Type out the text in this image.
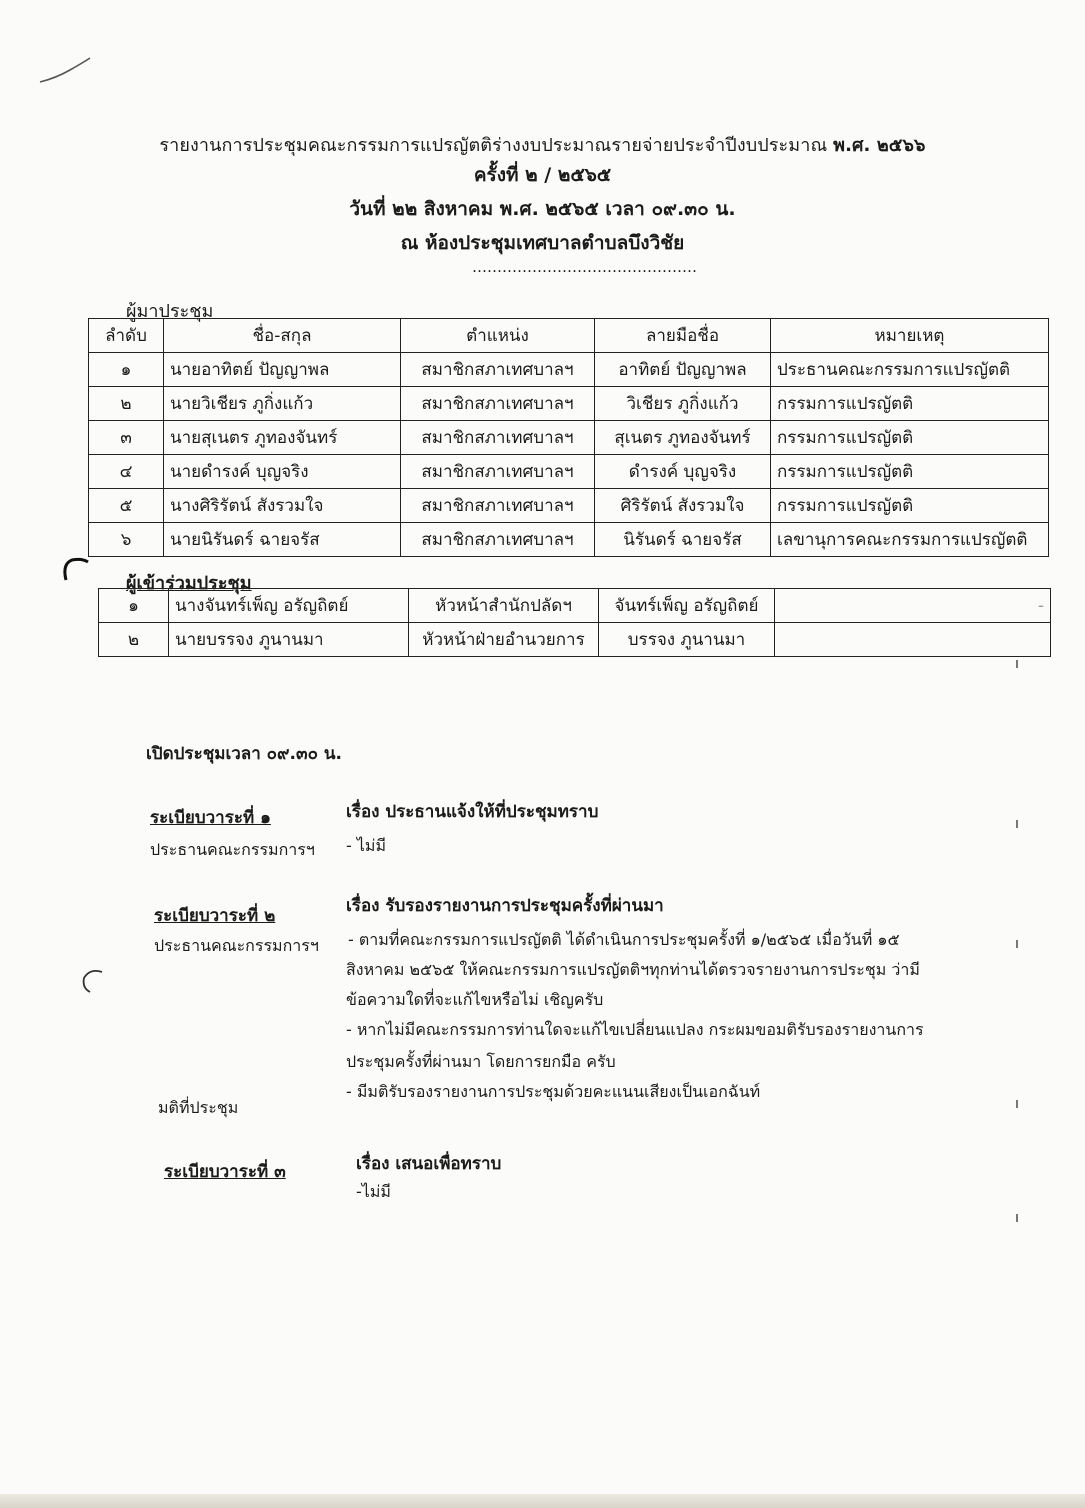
รายงานการประชุมคณะกรรมการแปรญัตติร่างงบประมาณรายจ่ายประจำปีงบประมาณ พ.ศ. ๒๕๖๖
ครั้งที่ ๒ / ๒๕๖๕
วันที่ ๒๒ สิงหาคม พ.ศ. ๒๕๖๕ เวลา ๐๙.๓๐ น.
ณ ห้องประชุมเทศบาลตำบลบึงวิชัย
………………………………………
ผู้มาประชุม
ลำดับ	ชื่อ-สกุล	ตำแหน่ง	ลายมือชื่อ	หมายเหตุ
๑	นายอาทิตย์ ปัญญาพล	สมาชิกสภาเทศบาลฯ	อาทิตย์ ปัญญาพล	ประธานคณะกรรมการแปรญัตติ
๒	นายวิเชียร ภูกิ่งแก้ว	สมาชิกสภาเทศบาลฯ	วิเชียร ภูกิ่งแก้ว	กรรมการแปรญัตติ
๓	นายสุเนตร ภูทองจันทร์	สมาชิกสภาเทศบาลฯ	สุเนตร ภูทองจันทร์	กรรมการแปรญัตติ
๔	นายดำรงค์ บุญจริง	สมาชิกสภาเทศบาลฯ	ดำรงค์ บุญจริง	กรรมการแปรญัตติ
๕	นางศิริรัตน์ สังรวมใจ	สมาชิกสภาเทศบาลฯ	ศิริรัตน์ สังรวมใจ	กรรมการแปรญัตติ
๖	นายนิรันดร์ ฉายจรัส	สมาชิกสภาเทศบาลฯ	นิรันดร์ ฉายจรัส	เลขานุการคณะกรรมการแปรญัตติ
ผู้เข้าร่วมประชุม
๑	นางจันทร์เพ็ญ อรัญถิตย์	หัวหน้าสำนักปลัดฯ	จันทร์เพ็ญ อรัญถิตย์	-
๒	นายบรรจง ภูนานมา	หัวหน้าฝ่ายอำนวยการ	บรรจง ภูนานมา	
เปิดประชุมเวลา ๐๙.๓๐ น.
ระเบียบวาระที่ ๑	เรื่อง ประธานแจ้งให้ที่ประชุมทราบ
ประธานคณะกรรมการฯ - ไม่มี
ระเบียบวาระที่ ๒	เรื่อง รับรองรายงานการประชุมครั้งที่ผ่านมา
ประธานคณะกรรมการฯ - ตามที่คณะกรรมการแปรญัตติ ได้ดำเนินการประชุมครั้งที่ ๑/๒๕๖๕ เมื่อวันที่ ๑๕
สิงหาคม ๒๕๖๕ ให้คณะกรรมการแปรญัตติฯทุกท่านได้ตรวจรายงานการประชุม ว่ามี
ข้อความใดที่จะแก้ไขหรือไม่ เชิญครับ
- หากไม่มีคณะกรรมการท่านใดจะแก้ไขเปลี่ยนแปลง กระผมขอมติรับรองรายงานการ
ประชุมครั้งที่ผ่านมา โดยการยกมือ ครับ
มติที่ประชุม
- มีมติรับรองรายงานการประชุมด้วยคะแนนเสียงเป็นเอกฉันท์
ระเบียบวาระที่ ๓	เรื่อง เสนอเพื่อทราบ
-ไม่มี
